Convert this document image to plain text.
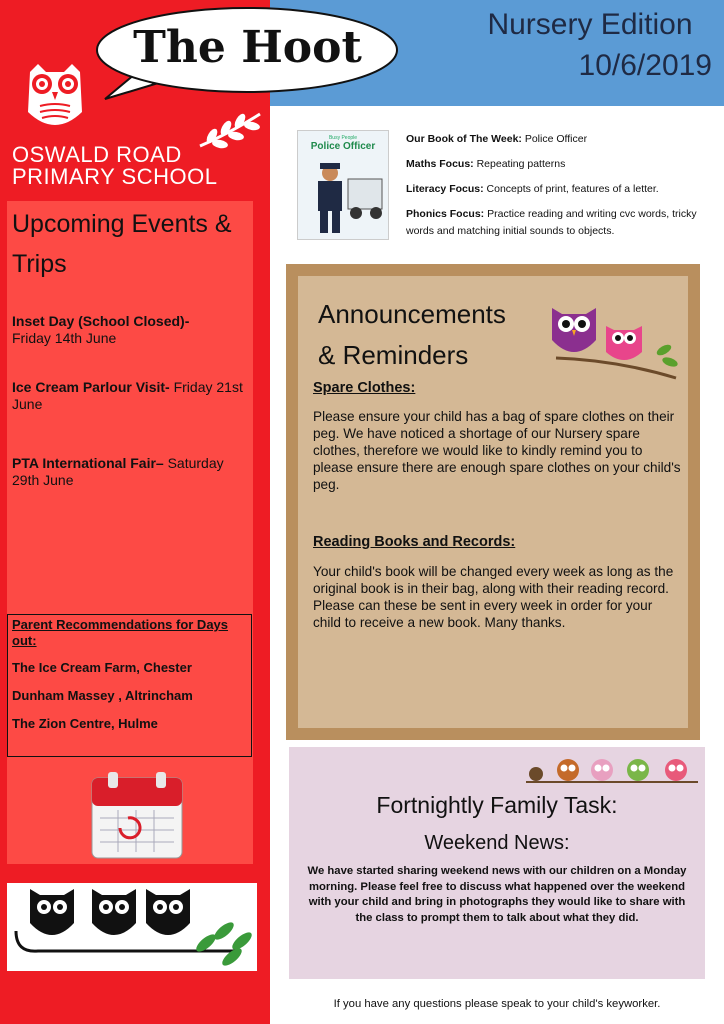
The Hoot	Nursery Edition
10/6/2019
OSWALD ROAD
PRIMARY SCHOOL
Upcoming Events &
Trips
Inset Day (School Closed)-
Friday 14th June
Ice Cream Parlour Visit- Friday 21st June
PTA International Fair– Saturday 29th June
Parent Recommendations for Days out:
The Ice Cream Farm, Chester
Dunham Massey , Altrincham
The Zion Centre, Hulme
Busy People
Police Officer
Our Book of The Week: Police Officer
Maths Focus: Repeating patterns
Literacy Focus: Concepts of print, features of a letter.
Phonics Focus: Practice reading and writing cvc words, tricky words and matching initial sounds to objects.
Announcements
& Reminders
Spare Clothes:
Please ensure your child has a bag of spare clothes on their peg. We have noticed a shortage of our Nursery spare clothes, therefore we would like to kindly remind you to please ensure there are enough spare clothes on your child's peg.
Reading Books and Records:
Your child's book will be changed every week as long as the original book is in their bag, along with their reading record. Please can these be sent in every week in order for your child to receive a new book. Many thanks.
Fortnightly Family Task:
Weekend News:
We have started sharing weekend news with our children on a Monday morning. Please feel free to discuss what happened over the weekend with your child and bring in photographs they would like to share with the class to prompt them to talk about what they did.
If you have any questions please speak to your child's keyworker.
